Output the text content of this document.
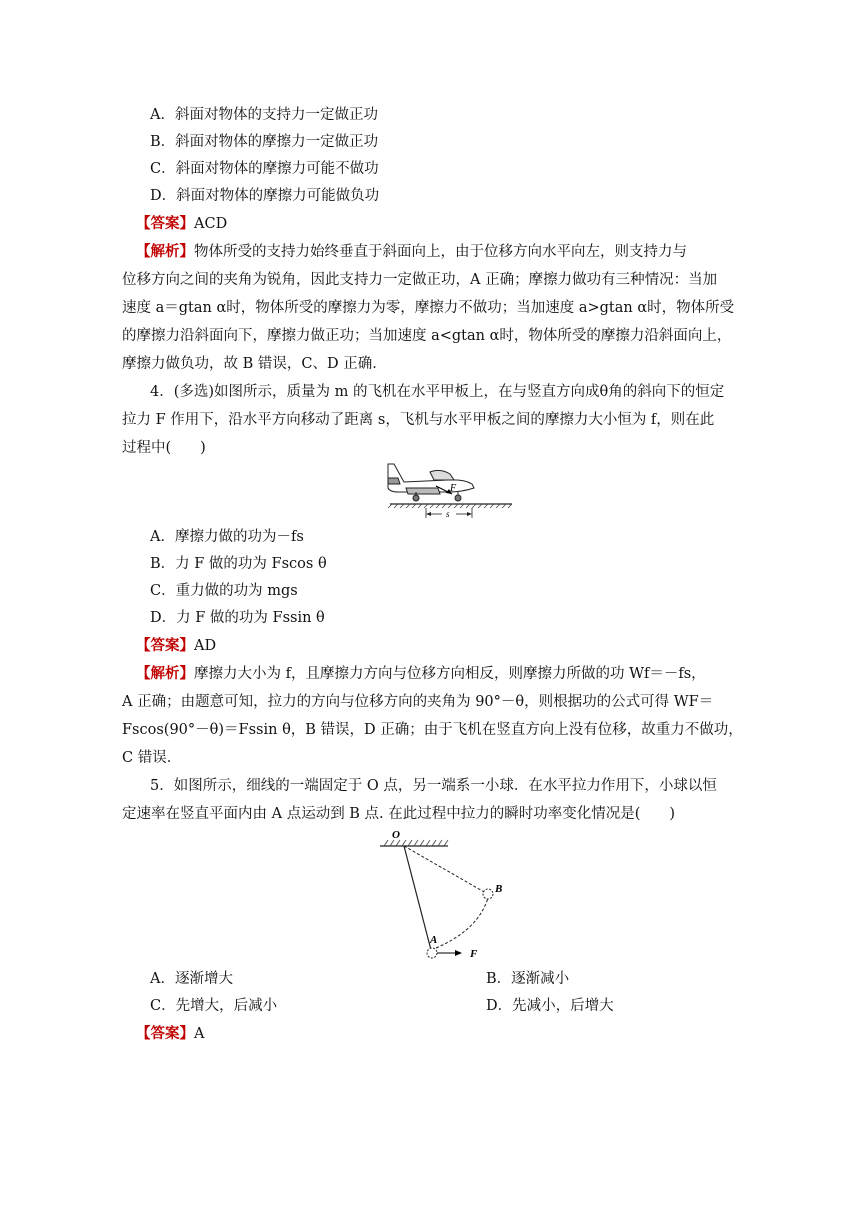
A．斜面对物体的支持力一定做正功
B．斜面对物体的摩擦力一定做正功
C．斜面对物体的摩擦力可能不做功
D．斜面对物体的摩擦力可能做负功
【答案】ACD
【解析】物体所受的支持力始终垂直于斜面向上，由于位移方向水平向左，则支持力与
位移方向之间的夹角为锐角，因此支持力一定做正功，A 正确；摩擦力做功有三种情况：当加
速度 a＝gtan α时，物体所受的摩擦力为零，摩擦力不做功；当加速度 a>gtan α时，物体所受
的摩擦力沿斜面向下，摩擦力做正功；当加速度 a<gtan α时，物体所受的摩擦力沿斜面向上，
摩擦力做负功，故 B 错误，C、D 正确．
4．(多选)如图所示，质量为 m 的飞机在水平甲板上，在与竖直方向成θ角的斜向下的恒定
拉力 F 作用下，沿水平方向移动了距离 s，飞机与水平甲板之间的摩擦力大小恒为 f，则在此
过程中(　　)
F
s
A．摩擦力做的功为－fs
B．力 F 做的功为 Fscos θ
C．重力做的功为 mgs
D．力 F 做的功为 Fssin θ
【答案】AD
【解析】摩擦力大小为 f，且摩擦力方向与位移方向相反，则摩擦力所做的功 Wf＝－fs，
A 正确；由题意可知，拉力的方向与位移方向的夹角为 90°－θ，则根据功的公式可得 WF＝
Fscos(90°－θ)＝Fssin θ，B 错误，D 正确；由于飞机在竖直方向上没有位移，故重力不做功，
C 错误．
5．如图所示，细线的一端固定于 O 点，另一端系一小球．在水平拉力作用下，小球以恒
定速率在竖直平面内由 A 点运动到 B 点. 在此过程中拉力的瞬时功率变化情况是(　　)
O
B
A
F
A．逐渐增大	B．逐渐减小
C．先增大，后减小	D．先减小，后增大
【答案】A
